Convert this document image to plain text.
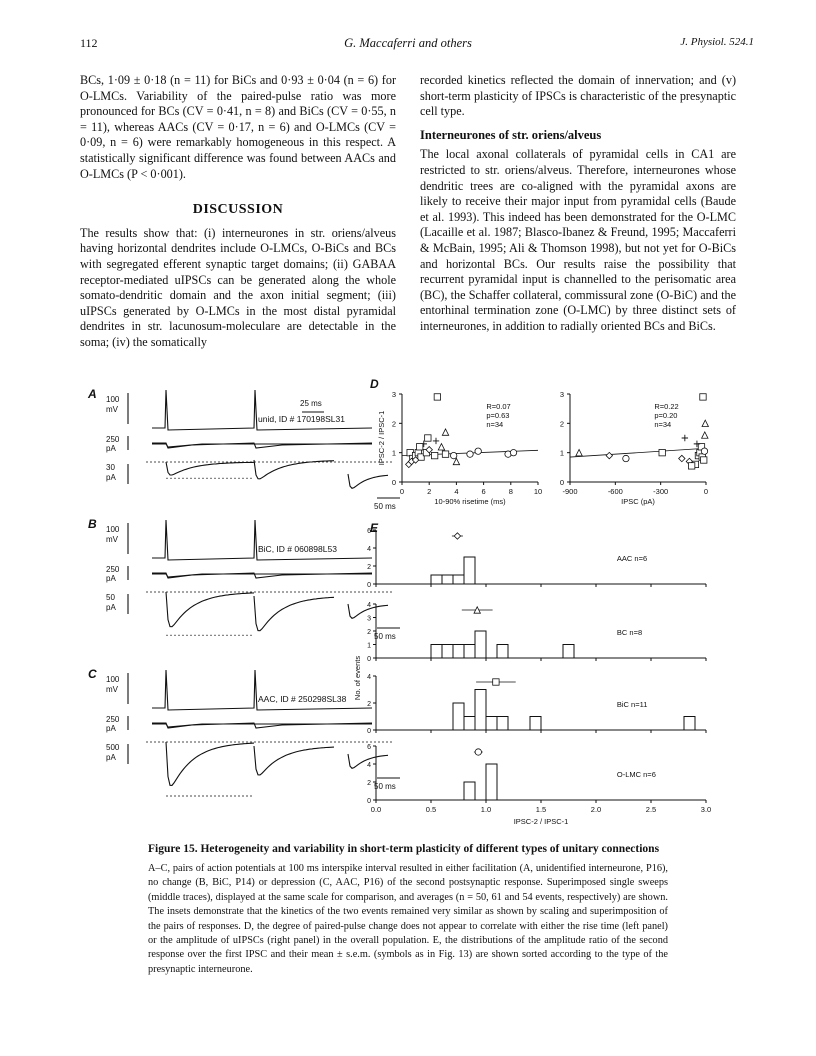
112	G. Maccaferri and others	J. Physiol. 524.1

BCs, 1·09 ± 0·18 (n = 11) for BiCs and 0·93 ± 0·04 (n = 6) for O-LMCs. Variability of the paired-pulse ratio was more pronounced for BCs (CV = 0·41, n = 8) and BiCs (CV = 0·55, n = 11), whereas AACs (CV = 0·17, n = 6) and O-LMCs (CV = 0·09, n = 6) were remarkably homogeneous in this respect. A statistically significant difference was found between AACs and O-LMCs (P < 0·001).

DISCUSSION

The results show that: (i) interneurones in str. oriens/alveus having horizontal dendrites include O-LMCs, O-BiCs and BCs with segregated efferent synaptic target domains; (ii) GABAA receptor-mediated uIPSCs can be generated along the whole somato-dendritic domain and the axon initial segment; (iii) uIPSCs generated by O-LMCs in the most distal pyramidal dendrites in str. lacunosum-moleculare are detectable in the soma; (iv) the somatically

recorded kinetics reflected the domain of innervation; and (v) short-term plasticity of IPSCs is characteristic of the presynaptic cell type.

Interneurones of str. oriens/alveus

The local axonal collaterals of pyramidal cells in CA1 are restricted to str. oriens/alveus. Therefore, interneurones whose dendritic trees are co-aligned with the pyramidal axons are likely to receive their major input from pyramidal cells (Baude et al. 1993). This indeed has been demonstrated for the O-LMC (Lacaille et al. 1987; Blasco-Ibanez & Freund, 1995; Maccaferri & McBain, 1995; Ali & Thomson 1998), but not yet for O-BiCs and horizontal BCs. Our results raise the possibility that recurrent pyramidal input is channelled to the perisomatic area (BC), the Schaffer collateral, commissural zone (O-BiC) and the entorhinal termination zone (O-LMC) by three distinct sets of interneurones, in addition to radially oriented BCs and BiCs.

A 100
mV
unid, ID # 170198SL31
250
pA
30
pA
50 ms
25 ms
B 100
mV
BiC, ID # 060898L53
250
pA
50
pA
50 ms
C 100
mV
AAC, ID # 250298SL38
250
pA
500
pA
50 ms
D
0	2	4	6	8	10
0
1
2
3
R=0.07
p=0.63
n=34
10-90% risetime (ms)
IPSC-2 / IPSC-1
-900	-600	-300	0
0
1
2
3
R=0.22
p=0.20
n=34
IPSC (pA)
E
0
2
4
6
AAC n=6
0
1
2
3
4
BC n=8
0
2
4
BiC n=11
0
2
4
6
O-LMC n=6
0.0	0.5	1.0	1.5	2.0	2.5	3.0
IPSC-2 / IPSC-1
No. of events
Figure 15. Heterogeneity and variability in short-term plasticity of different types of unitary connections
A–C, pairs of action potentials at 100 ms interspike interval resulted in either facilitation (A, unidentified interneurone, P16), no change (B, BiC, P14) or depression (C, AAC, P16) of the second postsynaptic response. Superimposed single sweeps (middle traces), displayed at the same scale for comparison, and averages (n = 50, 61 and 54 events, respectively) are shown. The insets demonstrate that the kinetics of the two events remained very similar as shown by scaling and superimposition of the pairs of responses. D, the degree of paired-pulse change does not appear to correlate with either the rise time (left panel) or the amplitude of uIPSCs (right panel) in the overall population. E, the distributions of the amplitude ratio of the second response over the first IPSC and their mean ± s.e.m. (symbols as in Fig. 13) are shown sorted according to the type of the presynaptic interneurone.
